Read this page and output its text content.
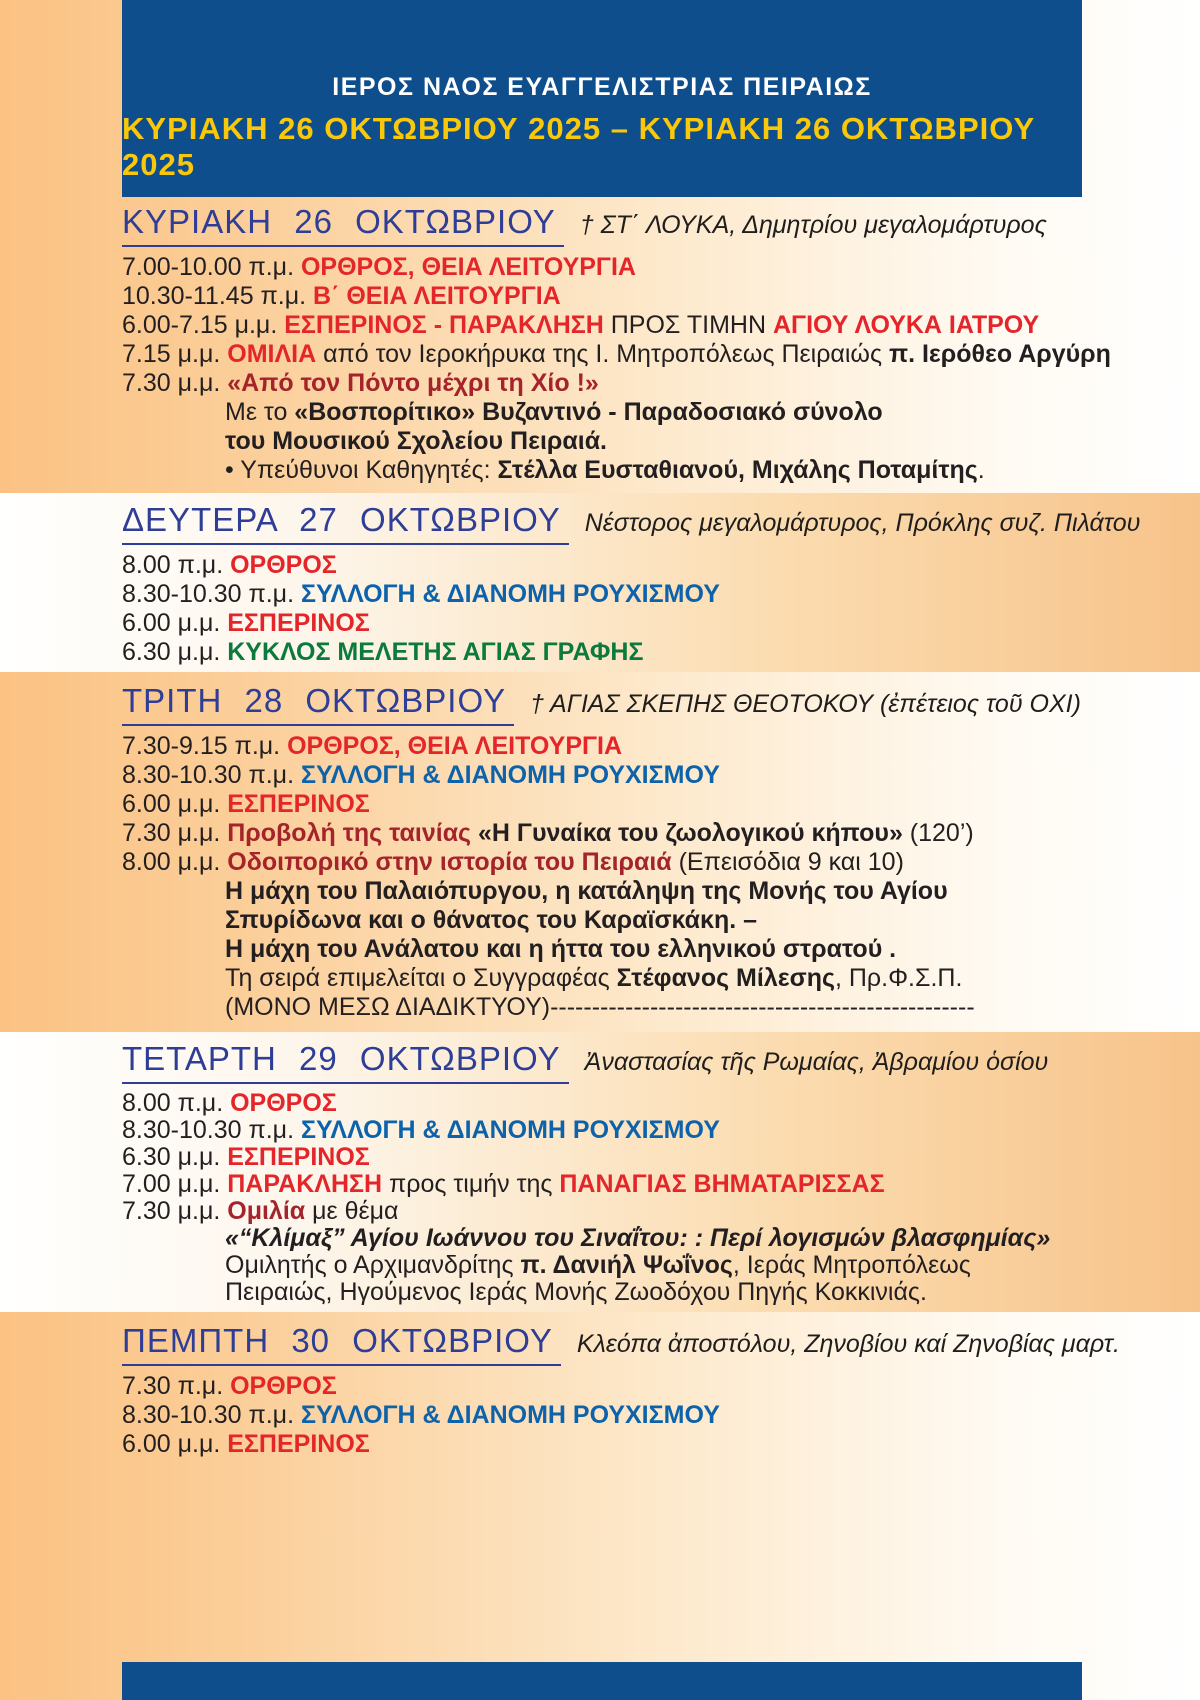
ΙΕΡΟΣ ΝΑΟΣ ΕΥΑΓΓΕΛΙΣΤΡΙΑΣ ΠΕΙΡΑΙΩΣ
ΚΥΡΙΑΚΗ 26 ΟΚΤΩΒΡΙΟΥ 2025 – ΚΥΡΙΑΚΗ 26 ΟΚΤΩΒΡΙΟΥ 2025
ΚΥΡΙΑΚΗ 26 ΟΚΤΩΒΡΙΟΥ † ΣΤ΄ ΛΟΥΚΑ, Δημητρίου μεγαλομάρτυρος
7.00-10.00 π.μ. ΟΡΘΡΟΣ, ΘΕΙΑ ΛΕΙΤΟΥΡΓΙΑ
10.30-11.45 π.μ. Β΄ ΘΕΙΑ ΛΕΙΤΟΥΡΓΙΑ
6.00-7.15 μ.μ. ΕΣΠΕΡΙΝΟΣ - ΠΑΡΑΚΛΗΣΗ ΠΡΟΣ ΤΙΜΗΝ ΑΓΙΟΥ ΛΟΥΚΑ ΙΑΤΡΟΥ
7.15 μ.μ. ΟΜΙΛΙΑ από τον Ιεροκήρυκα της Ι. Μητροπόλεως Πειραιώς π. Ιερόθεο Αργύρη
7.30 μ.μ. «Από τον Πόντο μέχρι τη Χίο !»
Με το «Βοσπορίτικο» Βυζαντινό - Παραδοσιακό σύνολο
του Μουσικού Σχολείου Πειραιά.
• Υπεύθυνοι Καθηγητές: Στέλλα Ευσταθιανού, Μιχάλης Ποταμίτης.
ΔΕΥΤΕΡΑ 27 ΟΚΤΩΒΡΙΟΥ Νέστορος μεγαλομάρτυρος, Πρόκλης συζ. Πιλάτου
8.00 π.μ. ΟΡΘΡΟΣ
8.30-10.30 π.μ. ΣΥΛΛΟΓΗ & ΔΙΑΝΟΜΗ ΡΟΥΧΙΣΜΟΥ
6.00 μ.μ. ΕΣΠΕΡΙΝΟΣ
6.30 μ.μ. ΚΥΚΛΟΣ ΜΕΛΕΤΗΣ ΑΓΙΑΣ ΓΡΑΦΗΣ
ΤΡΙΤΗ 28 ΟΚΤΩΒΡΙΟΥ † ΑΓΙΑΣ ΣΚΕΠΗΣ ΘΕΟΤΟΚΟΥ (ἐπέτειος τοῦ ΟΧΙ)
7.30-9.15 π.μ. ΟΡΘΡΟΣ, ΘΕΙΑ ΛΕΙΤΟΥΡΓΙΑ
8.30-10.30 π.μ. ΣΥΛΛΟΓΗ & ΔΙΑΝΟΜΗ ΡΟΥΧΙΣΜΟΥ
6.00 μ.μ. ΕΣΠΕΡΙΝΟΣ
7.30 μ.μ. Προβολή της ταινίας «Η Γυναίκα του ζωολογικού κήπου» (120’)
8.00 μ.μ. Οδοιπορικό στην ιστορία του Πειραιά (Επεισόδια 9 και 10)
Η μάχη του Παλαιόπυργου, η κατάληψη της Μονής του Αγίου
Σπυρίδωνα και ο θάνατος του Καραϊσκάκη. –
Η μάχη του Ανάλατου και η ήττα του ελληνικού στρατού .
Τη σειρά επιμελείται ο Συγγραφέας Στέφανος Μίλεσης, Πρ.Φ.Σ.Π.
(ΜΟΝΟ ΜΕΣΩ ΔΙΑΔΙΚΤΥΟΥ)---------------------------------------------------
ΤΕΤΑΡΤΗ 29 ΟΚΤΩΒΡΙΟΥ Ἀναστασίας τῆς Ρωμαίας, Ἀβραμίου ὁσίου
8.00 π.μ. ΟΡΘΡΟΣ
8.30-10.30 π.μ. ΣΥΛΛΟΓΗ & ΔΙΑΝΟΜΗ ΡΟΥΧΙΣΜΟΥ
6.30 μ.μ. ΕΣΠΕΡΙΝΟΣ
7.00 μ.μ. ΠΑΡΑΚΛΗΣΗ προς τιμήν της ΠΑΝΑΓΙΑΣ ΒΗΜΑΤΑΡΙΣΣΑΣ
7.30 μ.μ. Ομιλία με θέμα
«“Κλίμαξ” Αγίου Ιωάννου του Σιναΐτου: : Περί λογισμών βλασφημίας»
Ομιλητής ο Αρχιμανδρίτης π. Δανιήλ Ψωΐνος, Ιεράς Μητροπόλεως
Πειραιώς, Ηγούμενος Ιεράς Μονής Ζωοδόχου Πηγής Κοκκινιάς.
ΠΕΜΠΤΗ 30 ΟΚΤΩΒΡΙΟΥ Κλεόπα ἀποστόλου, Ζηνοβίου καί Ζηνοβίας μαρτ.
7.30 π.μ. ΟΡΘΡΟΣ
8.30-10.30 π.μ. ΣΥΛΛΟΓΗ & ΔΙΑΝΟΜΗ ΡΟΥΧΙΣΜΟΥ
6.00 μ.μ. ΕΣΠΕΡΙΝΟΣ
